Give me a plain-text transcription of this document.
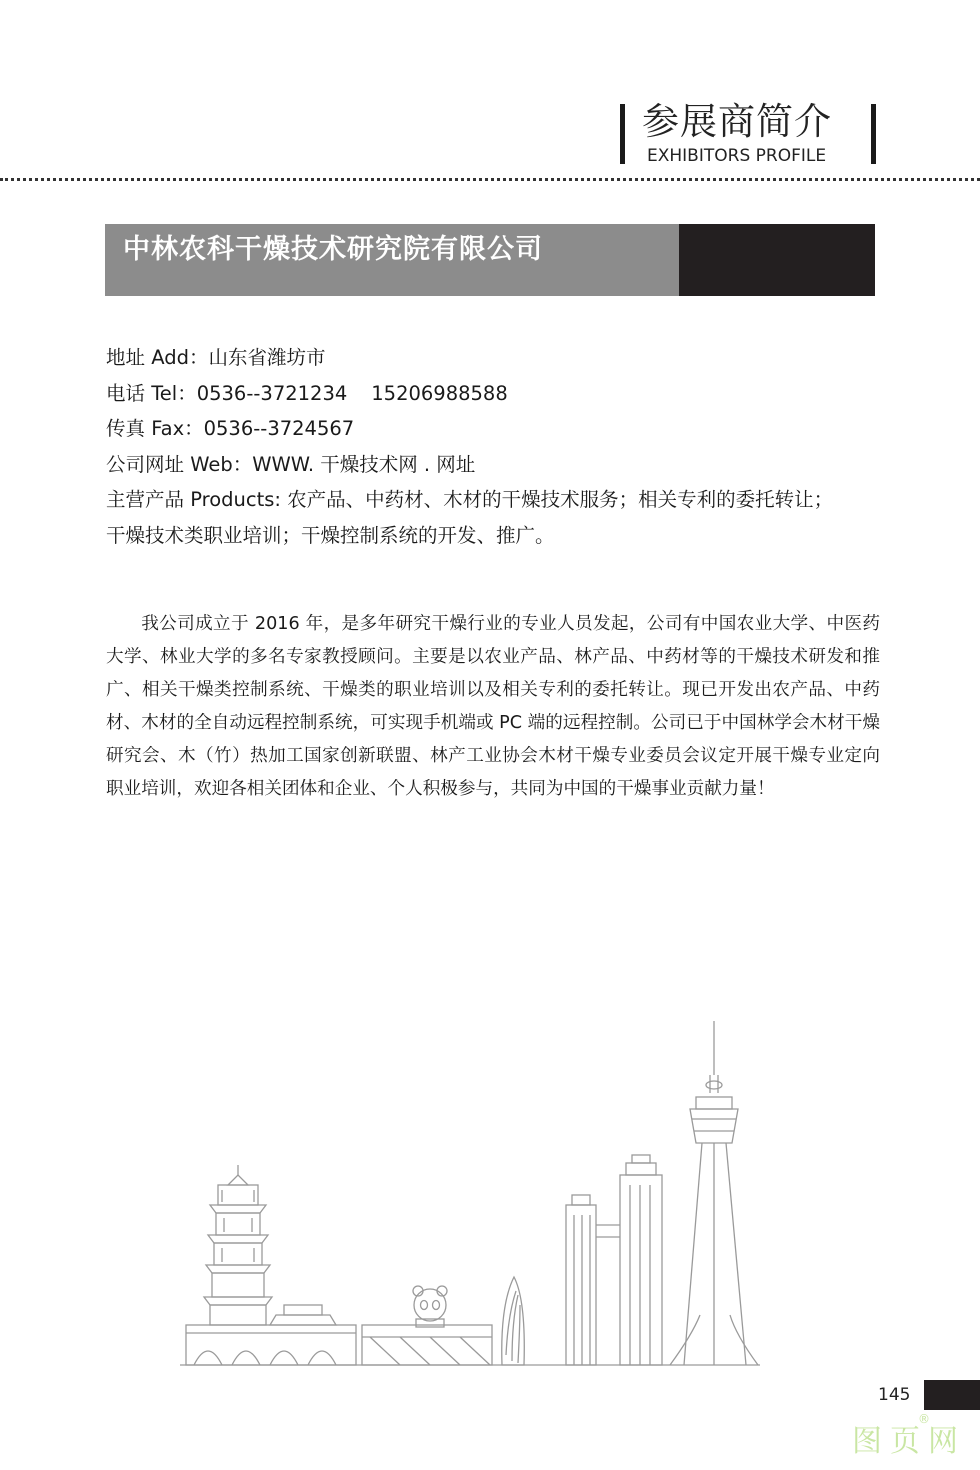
参展商简介
EXHIBITORS PROFILE
中林农科干燥技术研究院有限公司
地址 Add：山东省潍坊市
电话 Tel：0536--3721234 15206988588
传真 Fax：0536--3724567
公司网址 Web：WWW. 干燥技术网 . 网址
主营产品 Products: 农产品、中药材、木材的干燥技术服务；相关专利的委托转让；
干燥技术类职业培训；干燥控制系统的开发、推广。

我公司成立于 2016 年，是多年研究干燥行业的专业人员发起，公司有中国农业大学、中医药大学、林业大学的多名专家教授顾问。主要是以农业产品、林产品、中药材等的干燥技术研发和推广、相关干燥类控制系统、干燥类的职业培训以及相关专利的委托转让。现已开发出农产品、中药材、木材的全自动远程控制系统，可实现手机端或 PC 端的远程控制。公司已于中国林学会木材干燥研究会、木（竹）热加工国家创新联盟、林产工业协会木材干燥专业委员会议定开展干燥专业定向职业培训，欢迎各相关团体和企业、个人积极参与，共同为中国的干燥事业贡献力量！

145
®
图页网
